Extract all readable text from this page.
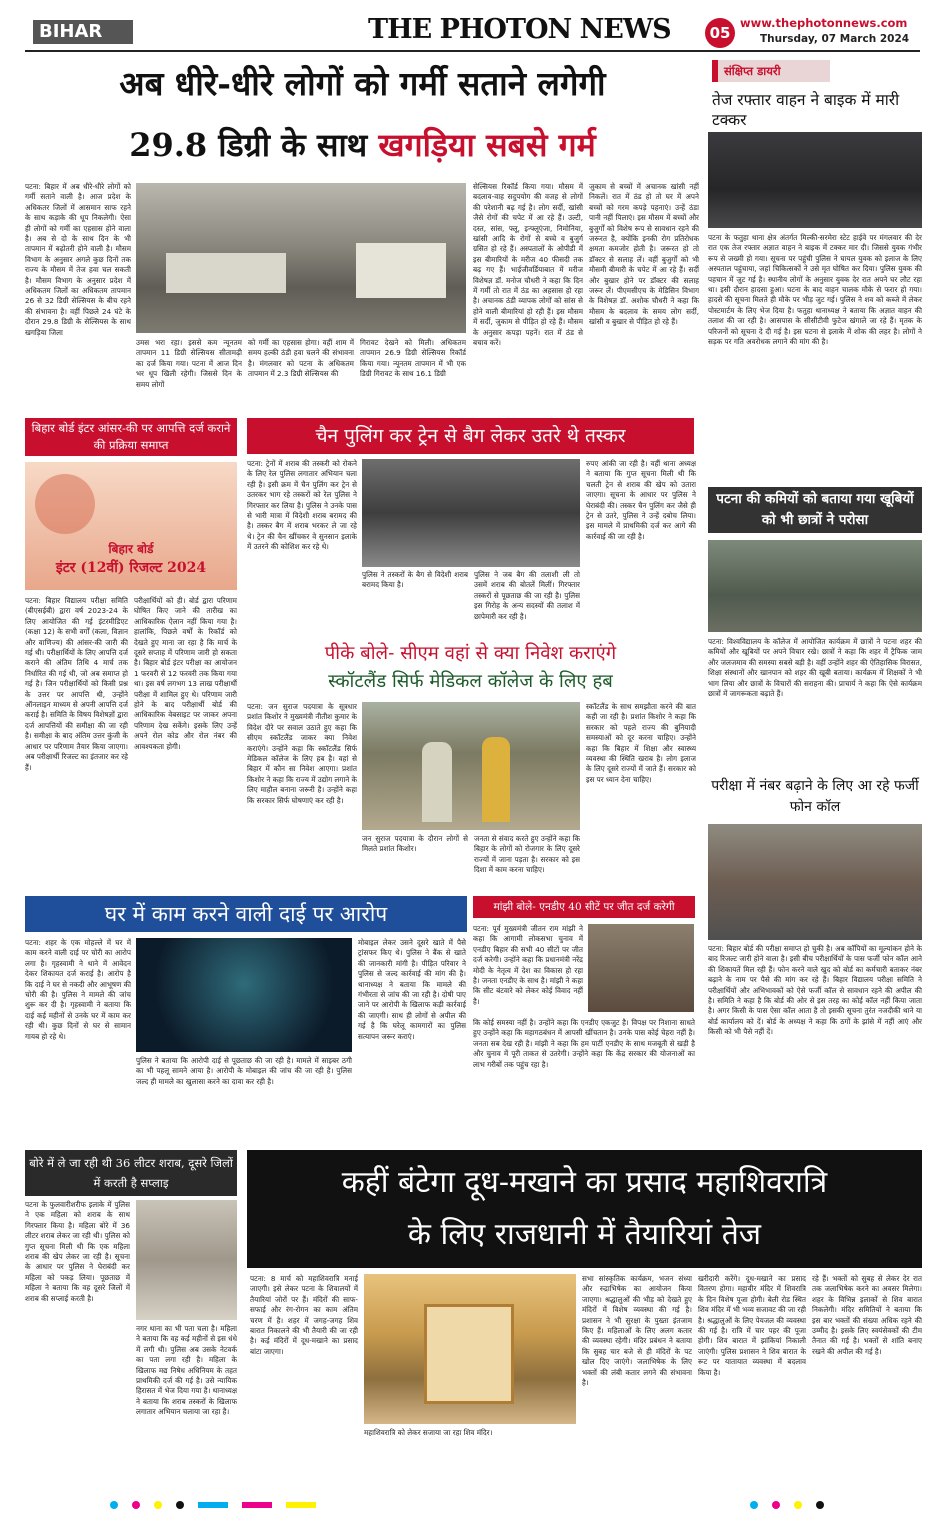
BIHAR	THE PHOTON NEWS	05
www.thephotonnews.com
Thursday, 07 March 2024
अब धीरे-धीरे लोगों को गर्मी सताने लगेगी
29.8 डिग्री के साथ खगड़िया सबसे गर्म
पटना: बिहार में अब धीरे-धीरे लोगों को गर्मी सताने वाली है। आज प्रदेश के अधिकतर जिलों में आसमान साफ रहने के साथ कड़ाके की धूप निकलेगी। ऐसा ही लोगों को गर्मी का एहसास होने वाला है। अब से दो के साथ दिन के भी तापमान में बढ़ोतरी होने वाली है। मौसम विभाग के अनुसार अगले कुछ दिनों तक राज्य के मौसम में तेज हवा चल सकती है। मौसम विभाग के अनुसार प्रदेश में अधिकतम जिलों का अधिकतम तापमान 26 से 32 डिग्री सेल्सियस के बीच रहने की संभावना है। वहीं पिछले 24 घंटे के दौरान 29.8 डिग्री के सेल्सियस के साथ खगड़िया जिला
उमस भरा रहा। इससे कम न्यूनतम तापमान 11 डिग्री सेल्सियस सीतामढ़ी का दर्ज किया गया। पटना में आज दिन भर धूप खिली रहेगी। जिससे दिन के समय लोगों
को गर्मी का एहसास होगा। वहीं शाम में समय हल्की ठंडी हवा चलने की संभावना है। मंगलवार को पटना के अधिकतम तापमान में 2.3 डिग्री सेल्सियस की
गिरावट देखने को मिली। अधिकतम तापमान 26.9 डिग्री सेल्सियस रिकॉर्ड किया गया। न्यूनतम तापमान में भी एक डिग्री गिरावट के साथ 16.1 डिग्री
सेल्सियस रिकॉर्ड किया गया। मौसम में बदलाव-वाह सदुपयोग की वजह से लोगों की परेशानी बढ़ गई है। लोग सर्दी, खांसी जैसे रोगों की चपेट में आ रहे हैं। उल्टी, दस्त, सांस, फ्लू, इन्फ्लूएंजा, निमोनिया, खांसी आदि के रोगों से बच्चे व बुजुर्ग ग्रसित हो रहे हैं। अस्पतालों के ओपीडी में इस बीमारियों के मरीज 40 फीसदी तक बढ़ गए हैं। भाईजीवर्डियाबात में मरीज विशेषज्ञ डॉ. मनोज चौधरी ने कहा कि दिन में गर्मी तो रात में ठंड का अहसास हो रहा है। अचानक ठंडी व्यापक लोगों को सांस से होने वाली बीमारियां हो रही हैं। इस मौसम में सर्दी, जुकाम से पीड़ित हो रहे हैं। मौसम के अनुसार कपड़ा पहनें। रात में ठंड से बचाव करें।
जुकाम से बच्चों में अचानक खांसी नहीं निकलें। रात में ठंड हो तो घर में अपने बच्चों को गरम कपड़े पहनाएं। उन्हें ठंडा पानी नहीं पिलाएं। इस मौसम में बच्चों और बुजुर्गों को विशेष रूप से सावधान रहने की जरूरत है, क्योंकि इनकी रोग प्रतिरोधक क्षमता कमजोर होती है। जरूरत हो तो डॉक्टर से सलाह लें। वहीं बुजुर्गों को भी मौसमी बीमारी के चपेट में आ रहे हैं। सर्दी और बुखार होने पर डॉक्टर की सलाह जरूर लें। पीएमसीएच के मेडिसिन विभाग के विशेषज्ञ डॉ. अशोक चौधरी ने कहा कि मौसम के बदलाव के समय लोग सर्दी, खांसी व बुखार से पीड़ित हो रहे हैं।
संक्षिप्त डायरी
तेज रफ्तार वाहन ने बाइक में मारी टक्कर
पटना के फतुहा थाना क्षेत्र अंतर्गत मिल्की-सरमेरा स्टेट हाईवे पर मंगलवार की देर रात एक तेज रफ्तार अज्ञात वाहन ने बाइक में टक्कर मार दी। जिससे युवक गंभीर रूप से जख्मी हो गया। सूचना पर पहुंची पुलिस ने घायल युवक को इलाज के लिए अस्पताल पहुंचाया, जहां चिकित्सकों ने उसे मृत घोषित कर दिया। पुलिस युवक की पहचान में जुट गई है। स्थानीय लोगों के अनुसार युवक देर रात अपने घर लौट रहा था। इसी दौरान हादसा हुआ। घटना के बाद वाहन चालक मौके से फरार हो गया। हादसे की सूचना मिलते ही मौके पर भीड़ जुट गई। पुलिस ने शव को कब्जे में लेकर पोस्टमार्टम के लिए भेज दिया है। फतुहा थानाध्यक्ष ने बताया कि अज्ञात वाहन की तलाश की जा रही है। आसपास के सीसीटीवी फुटेज खंगाले जा रहे हैं। मृतक के परिजनों को सूचना दे दी गई है। इस घटना से इलाके में शोक की लहर है। लोगों ने सड़क पर गति अवरोधक लगाने की मांग की है।
पटना की कमियों को बताया गया खूबियों को भी छात्रों ने परोसा
पटना: विश्वविद्यालय के कॉलेज में आयोजित कार्यक्रम में छात्रों ने पटना शहर की कमियों और खूबियों पर अपने विचार रखे। छात्रों ने कहा कि शहर में ट्रैफिक जाम और जलजमाव की समस्या सबसे बड़ी है। वहीं उन्होंने शहर की ऐतिहासिक विरासत, शिक्षा संस्थानों और खानपान को शहर की खूबी बताया। कार्यक्रम में शिक्षकों ने भी भाग लिया और छात्रों के विचारों की सराहना की। प्राचार्य ने कहा कि ऐसे कार्यक्रम छात्रों में जागरूकता बढ़ाते हैं।
परीक्षा में नंबर बढ़ाने के लिए आ रहे फर्जी फोन कॉल
पटना: बिहार बोर्ड की परीक्षा समाप्त हो चुकी है। अब कॉपियों का मूल्यांकन होने के बाद रिजल्ट जारी होने वाला है। इसी बीच परीक्षार्थियों के पास फर्जी फोन कॉल आने की शिकायतें मिल रही हैं। फोन करने वाले खुद को बोर्ड का कर्मचारी बताकर नंबर बढ़ाने के नाम पर पैसे की मांग कर रहे हैं। बिहार विद्यालय परीक्षा समिति ने परीक्षार्थियों और अभिभावकों को ऐसे फर्जी कॉल से सावधान रहने की अपील की है। समिति ने कहा है कि बोर्ड की ओर से इस तरह का कोई कॉल नहीं किया जाता है। अगर किसी के पास ऐसा कॉल आता है तो इसकी सूचना तुरंत नजदीकी थाने या बोर्ड कार्यालय को दें। बोर्ड के अध्यक्ष ने कहा कि ठगों के झांसे में नहीं आएं और किसी को भी पैसे नहीं दें।
बिहार बोर्ड इंटर आंसर-की पर आपत्ति दर्ज कराने की प्रक्रिया समाप्त
बिहार बोर्ड
इंटर (12वीं) रिजल्ट 2024
पटना: बिहार विद्यालय परीक्षा समिति (बीएसईबी) द्वारा वर्ष 2023-24 के लिए आयोजित की गई इंटरमीडिएट (कक्षा 12) के सभी वर्गों (कला, विज्ञान और वाणिज्य) की आंसर-की जारी की गई थी। परीक्षार्थियों के लिए आपत्ति दर्ज कराने की अंतिम तिथि 4 मार्च तक निर्धारित की गई थी, जो अब समाप्त हो गई है। जिन परीक्षार्थियों को किसी प्रश्न के उत्तर पर आपत्ति थी, उन्होंने ऑनलाइन माध्यम से अपनी आपत्ति दर्ज कराई है। समिति के विषय विशेषज्ञों द्वारा दर्ज आपत्तियों की समीक्षा की जा रही है। समीक्षा के बाद अंतिम उत्तर कुंजी के आधार पर परिणाम तैयार किया जाएगा। अब परीक्षार्थी रिजल्ट का इंतजार कर रहे हैं।
परीक्षार्थियों को ही। बोर्ड द्वारा परिणाम घोषित किए जाने की तारीख का आधिकारिक ऐलान नहीं किया गया है। हालांकि, पिछले वर्षों के रिकॉर्ड को देखते हुए माना जा रहा है कि मार्च के दूसरे सप्ताह में परिणाम जारी हो सकता है। बिहार बोर्ड इंटर परीक्षा का आयोजन 1 फरवरी से 12 फरवरी तक किया गया था। इस वर्ष लगभग 13 लाख परीक्षार्थी परीक्षा में शामिल हुए थे। परिणाम जारी होने के बाद परीक्षार्थी बोर्ड की आधिकारिक वेबसाइट पर जाकर अपना परिणाम देख सकेंगे। इसके लिए उन्हें अपने रोल कोड और रोल नंबर की आवश्यकता होगी।
चैन पुलिंग कर ट्रेन से बैग लेकर उतरे थे तस्कर
पटना: ट्रेनों में शराब की तस्करी को रोकने के लिए रेल पुलिस लगातार अभियान चला रही है। इसी क्रम में चैन पुलिंग कर ट्रेन से उतरकर भाग रहे तस्करों को रेल पुलिस ने गिरफ्तार कर लिया है। पुलिस ने उनके पास से भारी मात्रा में विदेशी शराब बरामद की है। तस्कर बैग में शराब भरकर ले जा रहे थे। ट्रेन की चैन खींचकर वे सुनसान इलाके में उतरने की कोशिश कर रहे थे।
पुलिस ने तस्करों के बैग से विदेशी शराब बरामद किया है।
पुलिस ने जब बैग की तलाशी ली तो उसमें शराब की बोतलें मिलीं। गिरफ्तार तस्करों से पूछताछ की जा रही है। पुलिस इस गिरोह के अन्य सदस्यों की तलाश में छापेमारी कर रही है।
रुपए आंकी जा रही है। वहीं थाना अध्यक्ष ने बताया कि गुप्त सूचना मिली थी कि चलती ट्रेन से शराब की खेप को उतारा जाएगा। सूचना के आधार पर पुलिस ने घेराबंदी की। तस्कर चैन पुलिंग कर जैसे ही ट्रेन से उतरे, पुलिस ने उन्हें दबोच लिया। इस मामले में प्राथमिकी दर्ज कर आगे की कार्रवाई की जा रही है।
पीके बोले- सीएम वहां से क्या निवेश कराएंगे
स्कॉटलैंड सिर्फ मेडिकल कॉलेज के लिए हब
पटना: जन सुराज पदयात्रा के सूत्रधार प्रशांत किशोर ने मुख्यमंत्री नीतीश कुमार के विदेश दौरे पर सवाल उठाते हुए कहा कि सीएम स्कॉटलैंड जाकर क्या निवेश कराएंगे। उन्होंने कहा कि स्कॉटलैंड सिर्फ मेडिकल कॉलेज के लिए हब है। वहां से बिहार में कौन सा निवेश आएगा। प्रशांत किशोर ने कहा कि राज्य में उद्योग लगाने के लिए माहौल बनाना जरूरी है। उन्होंने कहा कि सरकार सिर्फ घोषणाएं कर रही है।
जन सुराज पदयात्रा के दौरान लोगों से मिलते प्रशांत किशोर।
जनता से संवाद करते हुए उन्होंने कहा कि बिहार के लोगों को रोजगार के लिए दूसरे राज्यों में जाना पड़ता है। सरकार को इस दिशा में काम करना चाहिए।
स्कॉटलैंड के साथ समझौता करने की बात कही जा रही है। प्रशांत किशोर ने कहा कि सरकार को पहले राज्य की बुनियादी समस्याओं को दूर करना चाहिए। उन्होंने कहा कि बिहार में शिक्षा और स्वास्थ्य व्यवस्था की स्थिति खराब है। लोग इलाज के लिए दूसरे राज्यों में जाते हैं। सरकार को इस पर ध्यान देना चाहिए।
घर में काम करने वाली दाई पर आरोप
पटना: शहर के एक मोहल्ले में घर में काम करने वाली दाई पर चोरी का आरोप लगा है। गृहस्वामी ने थाने में आवेदन देकर शिकायत दर्ज कराई है। आरोप है कि दाई ने घर से नकदी और आभूषण की चोरी की है। पुलिस ने मामले की जांच शुरू कर दी है। गृहस्वामी ने बताया कि दाई कई महीनों से उनके घर में काम कर रही थी। कुछ दिनों से घर से सामान गायब हो रहे थे।
पुलिस ने बताया कि आरोपी दाई से पूछताछ की जा रही है। मामले में साइबर ठगी का भी पहलू सामने आया है। आरोपी के मोबाइल की जांच की जा रही है। पुलिस जल्द ही मामले का खुलासा करने का दावा कर रही है।
मोबाइल लेकर उसने दूसरे खाते में पैसे ट्रांसफर किए थे। पुलिस ने बैंक से खाते की जानकारी मांगी है। पीड़ित परिवार ने पुलिस से जल्द कार्रवाई की मांग की है। थानाध्यक्ष ने बताया कि मामले की गंभीरता से जांच की जा रही है। दोषी पाए जाने पर आरोपी के खिलाफ कड़ी कार्रवाई की जाएगी। साथ ही लोगों से अपील की गई है कि घरेलू कामगारों का पुलिस सत्यापन जरूर कराएं।
मांझी बोले- एनडीए 40 सीटें पर जीत दर्ज करेगी
पटना: पूर्व मुख्यमंत्री जीतन राम मांझी ने कहा कि आगामी लोकसभा चुनाव में एनडीए बिहार की सभी 40 सीटों पर जीत दर्ज करेगी। उन्होंने कहा कि प्रधानमंत्री नरेंद्र मोदी के नेतृत्व में देश का विकास हो रहा है। जनता एनडीए के साथ है। मांझी ने कहा कि सीट बंटवारे को लेकर कोई विवाद नहीं है।
कि कोई समस्या नहीं है। उन्होंने कहा कि एनडीए एकजुट है। विपक्ष पर निशाना साधते हुए उन्होंने कहा कि महागठबंधन में आपसी खींचतान है। उनके पास कोई चेहरा नहीं है। जनता सब देख रही है। मांझी ने कहा कि हम पार्टी एनडीए के साथ मजबूती से खड़ी है और चुनाव में पूरी ताकत से उतरेगी। उन्होंने कहा कि केंद्र सरकार की योजनाओं का लाभ गरीबों तक पहुंच रहा है।
बोरे में ले जा रही थी 36 लीटर शराब, दूसरे जिलों में करती है सप्लाइ
पटना के फुलवारीशरीफ इलाके में पुलिस ने एक महिला को शराब के साथ गिरफ्तार किया है। महिला बोरे में 36 लीटर शराब लेकर जा रही थी। पुलिस को गुप्त सूचना मिली थी कि एक महिला शराब की खेप लेकर जा रही है। सूचना के आधार पर पुलिस ने घेराबंदी कर महिला को पकड़ लिया। पूछताछ में महिला ने बताया कि वह दूसरे जिलों में शराब की सप्लाई करती है।
नगर थाना का भी पता चला है। महिला ने बताया कि वह कई महीनों से इस धंधे में लगी थी। पुलिस अब उसके नेटवर्क का पता लगा रही है। महिला के खिलाफ मद्य निषेध अधिनियम के तहत प्राथमिकी दर्ज की गई है। उसे न्यायिक हिरासत में भेज दिया गया है। थानाध्यक्ष ने बताया कि शराब तस्करों के खिलाफ लगातार अभियान चलाया जा रहा है।
कहीं बंटेगा दूध-मखाने का प्रसाद महाशिवरात्रि
के लिए राजधानी में तैयारियां तेज
पटना: 8 मार्च को महाशिवरात्रि मनाई जाएगी। इसे लेकर पटना के शिवालयों में तैयारियां जोरों पर हैं। मंदिरों की साफ-सफाई और रंग-रोगन का काम अंतिम चरण में है। शहर में जगह-जगह शिव बारात निकालने की भी तैयारी की जा रही है। कई मंदिरों में दूध-मखाने का प्रसाद बांटा जाएगा।
महाशिवरात्रि को लेकर सजाया जा रहा शिव मंदिर।
सभा सांस्कृतिक कार्यक्रम, भजन संध्या और रुद्राभिषेक का आयोजन किया जाएगा। श्रद्धालुओं की भीड़ को देखते हुए मंदिरों में विशेष व्यवस्था की गई है। प्रशासन ने भी सुरक्षा के पुख्ता इंतजाम किए हैं। महिलाओं के लिए अलग कतार की व्यवस्था रहेगी। मंदिर प्रबंधन ने बताया कि सुबह चार बजे से ही मंदिरों के पट खोल दिए जाएंगे। जलाभिषेक के लिए भक्तों की लंबी कतार लगने की संभावना है।
खरीदारी करेंगे। दूध-मखाने का प्रसाद वितरण होगा। महावीर मंदिर में शिवरात्रि के दिन विशेष पूजा होगी। बेली रोड स्थित शिव मंदिर में भी भव्य सजावट की जा रही है। श्रद्धालुओं के लिए पेयजल की व्यवस्था की गई है। रात्रि में चार पहर की पूजा होगी। शिव बारात में झांकियां निकाली जाएंगी। पुलिस प्रशासन ने शिव बारात के रूट पर यातायात व्यवस्था में बदलाव किया है।
रहे हैं। भक्तों को सुबह से लेकर देर रात तक जलाभिषेक करने का अवसर मिलेगा। शहर के विभिन्न इलाकों से शिव बारात निकलेगी। मंदिर समितियों ने बताया कि इस बार भक्तों की संख्या अधिक रहने की उम्मीद है। इसके लिए स्वयंसेवकों की टीम तैनात की गई है। भक्तों से शांति बनाए रखने की अपील की गई है।
